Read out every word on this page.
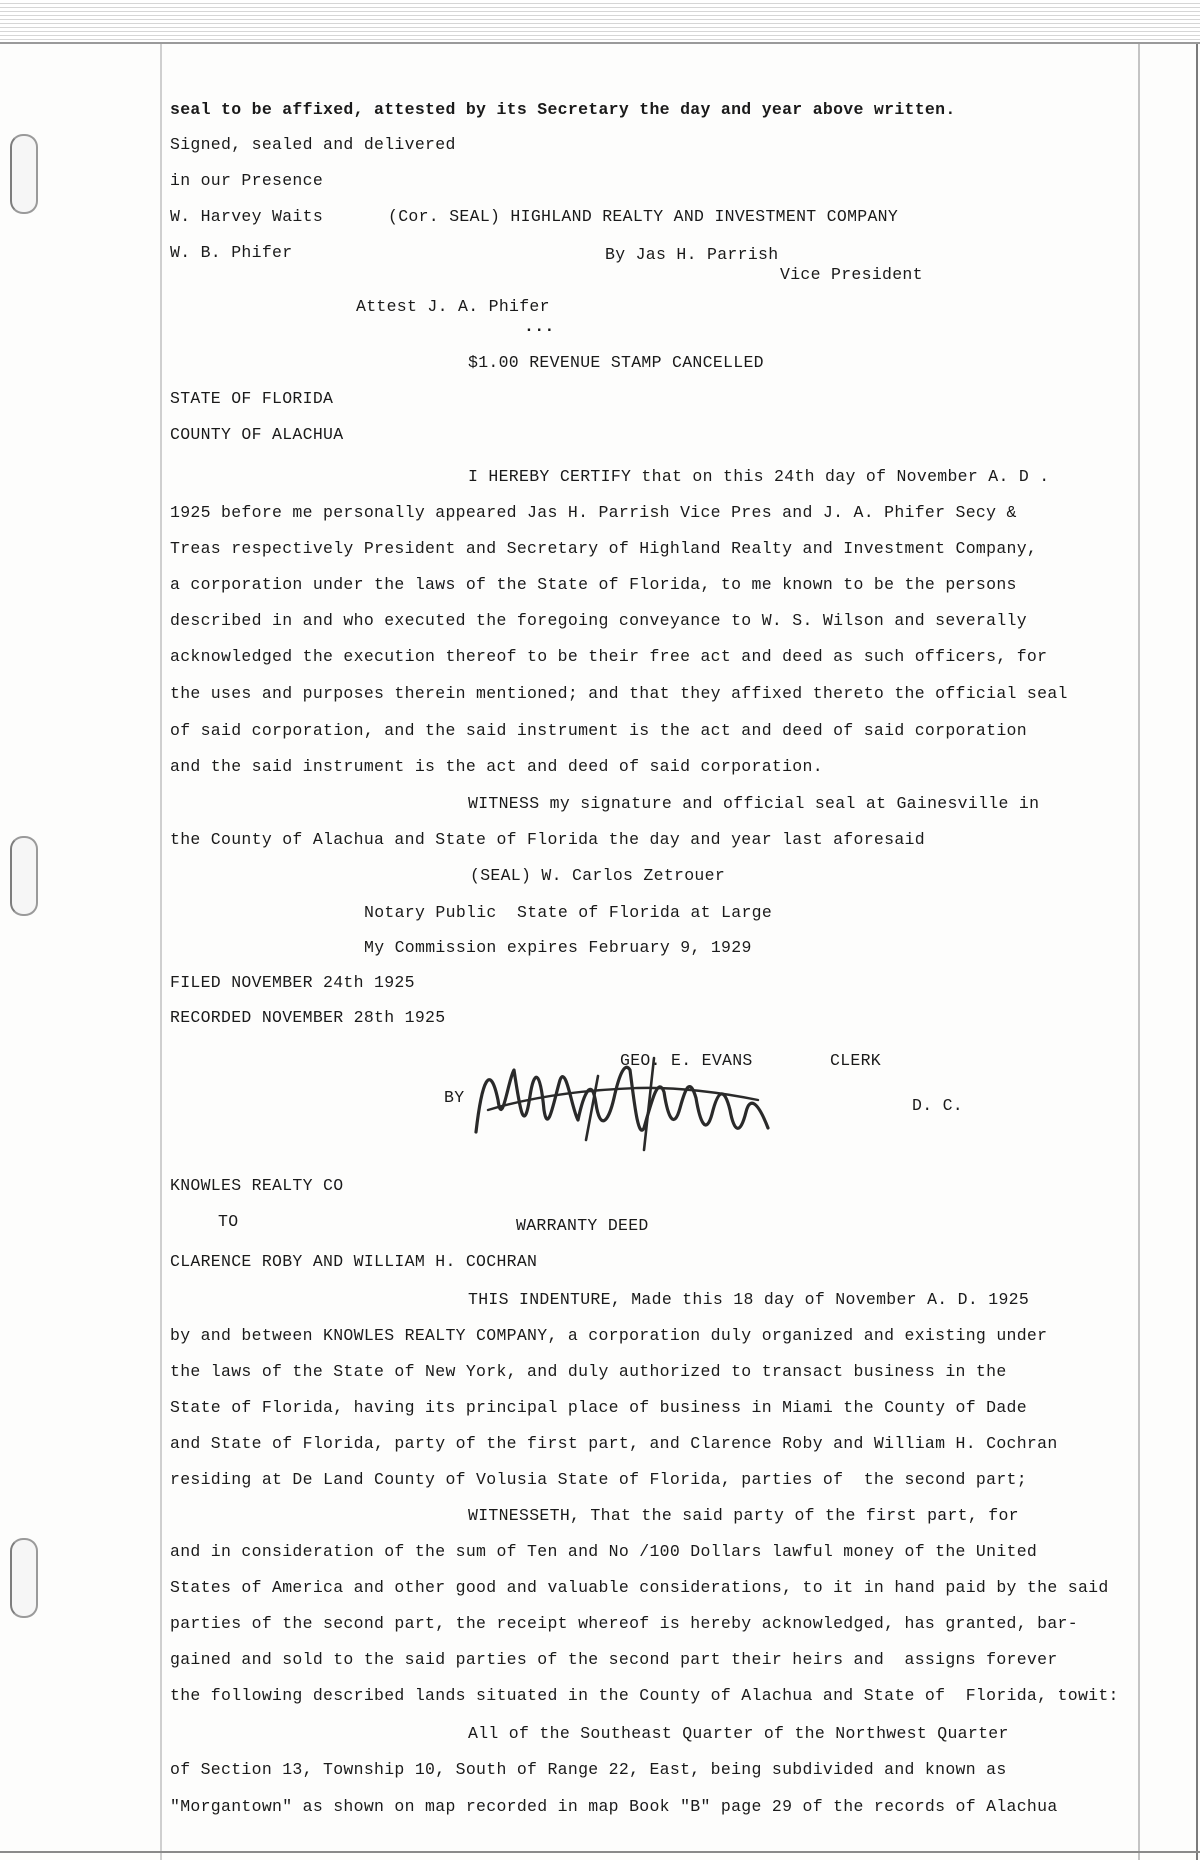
seal to be affixed, attested by its Secretary the day and year above written.

Signed, sealed and delivered

in our Presence

W. Harvey Waits	(Cor. SEAL) HIGHLAND REALTY AND INVESTMENT COMPANY

W. B. Phifer	By Jas H. Parrish

Vice President

Attest J. A. Phifer

...

$1.00 REVENUE STAMP CANCELLED

STATE OF FLORIDA

COUNTY OF ALACHUA

I HEREBY CERTIFY that on this 24th day of November A. D .

1925 before me personally appeared Jas H. Parrish Vice Pres and J. A. Phifer Secy &

Treas respectively President and Secretary of Highland Realty and Investment Company,

a corporation under the laws of the State of Florida, to me known to be the persons

described in and who executed the foregoing conveyance to W. S. Wilson and severally

acknowledged the execution thereof to be their free act and deed as such officers, for

the uses and purposes therein mentioned; and that they affixed thereto the official seal

of said corporation, and the said instrument is the act and deed of said corporation

and the said instrument is the act and deed of said corporation.

WITNESS my signature and official seal at Gainesville in

the County of Alachua and State of Florida the day and year last aforesaid

(SEAL) W. Carlos Zetrouer

Notary Public  State of Florida at Large

My Commission expires February 9, 1929

FILED NOVEMBER 24th 1925

RECORDED NOVEMBER 28th 1925

GEO. E. EVANS	CLERK

BY	D. C.

KNOWLES REALTY CO

TO	WARRANTY DEED

CLARENCE ROBY AND WILLIAM H. COCHRAN

THIS INDENTURE, Made this 18 day of November A. D. 1925

by and between KNOWLES REALTY COMPANY, a corporation duly organized and existing under

the laws of the State of New York, and duly authorized to transact business in the

State of Florida, having its principal place of business in Miami the County of Dade

and State of Florida, party of the first part, and Clarence Roby and William H. Cochran

residing at De Land County of Volusia State of Florida, parties of  the second part;

WITNESSETH, That the said party of the first part, for

and in consideration of the sum of Ten and No /100 Dollars lawful money of the United

States of America and other good and valuable considerations, to it in hand paid by the said

parties of the second part, the receipt whereof is hereby acknowledged, has granted, bar-

gained and sold to the said parties of the second part their heirs and  assigns forever

the following described lands situated in the County of Alachua and State of  Florida, towit:

All of the Southeast Quarter of the Northwest Quarter

of Section 13, Township 10, South of Range 22, East, being subdivided and known as

"Morgantown" as shown on map recorded in map Book "B" page 29 of the records of Alachua
